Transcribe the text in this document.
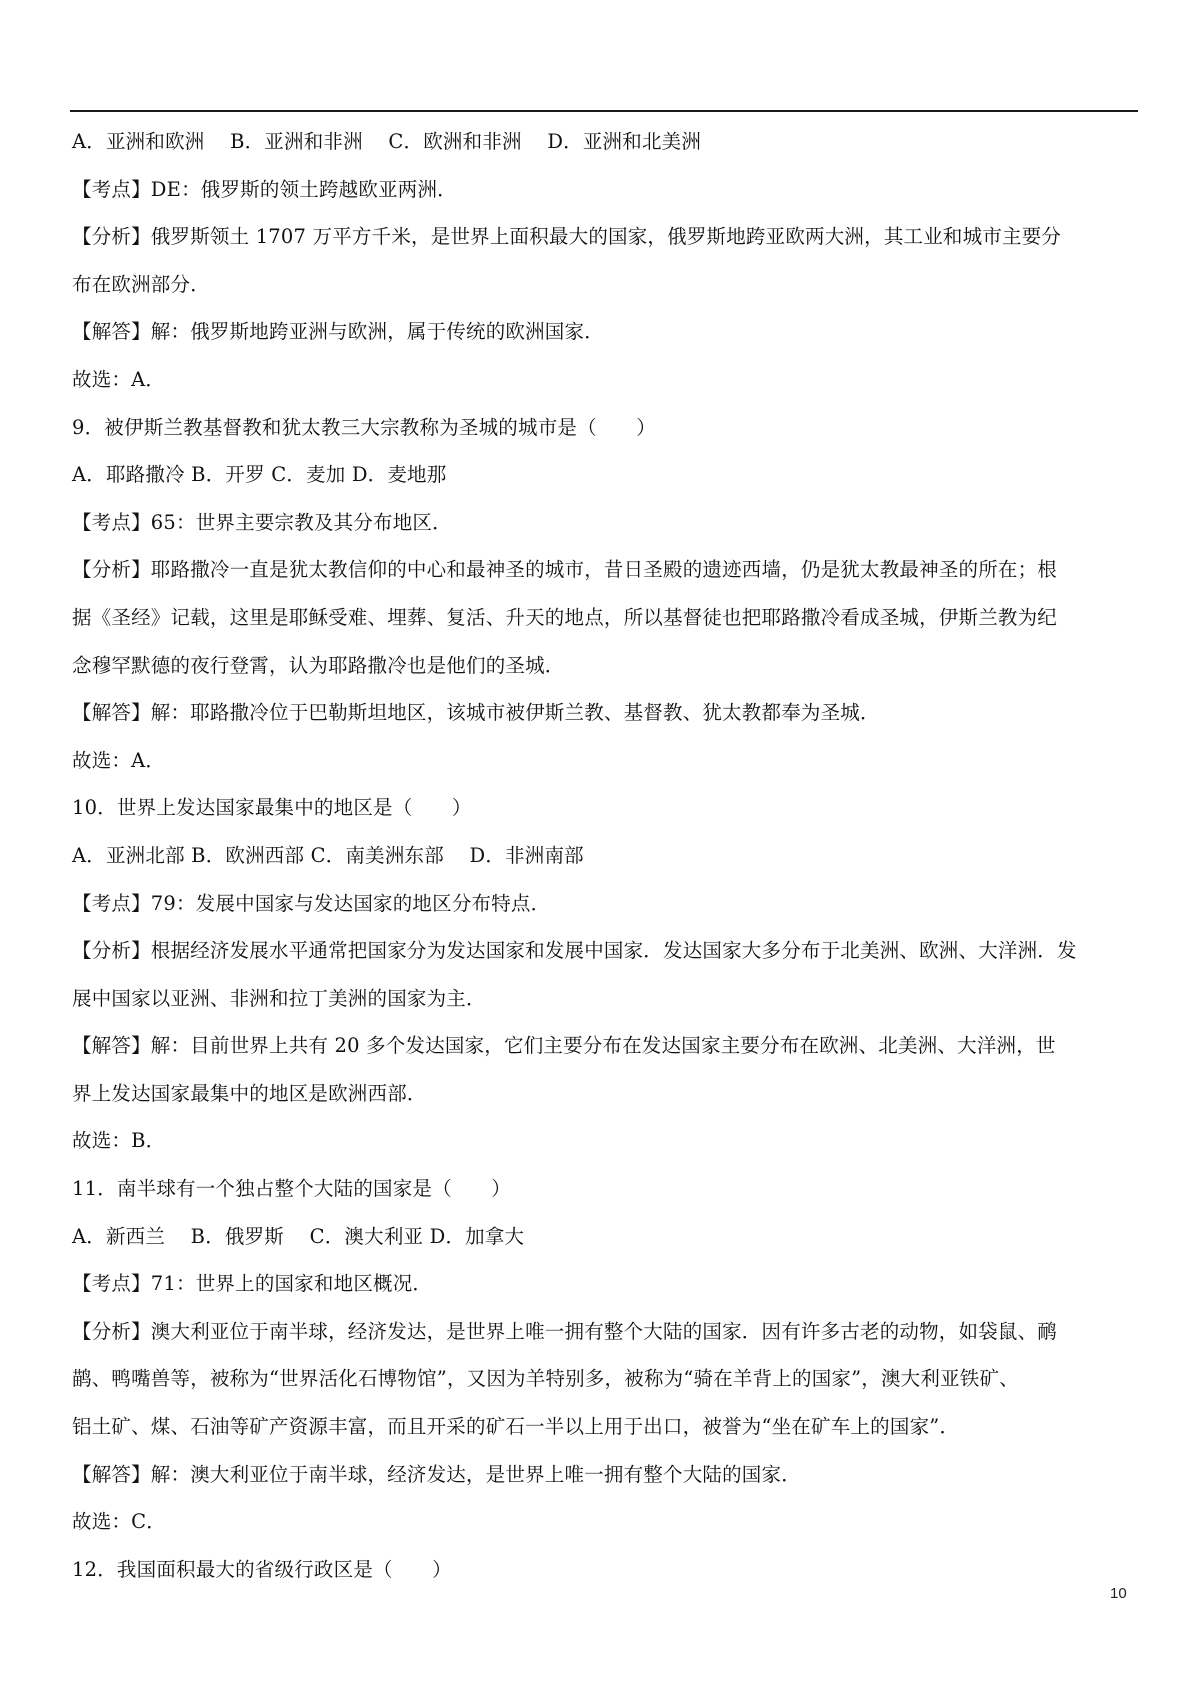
A．亚洲和欧洲    B．亚洲和非洲    C．欧洲和非洲    D．亚洲和北美洲
【考点】DE：俄罗斯的领土跨越欧亚两洲．
【分析】俄罗斯领土 1707 万平方千米，是世界上面积最大的国家，俄罗斯地跨亚欧两大洲，其工业和城市主要分
布在欧洲部分．
【解答】解：俄罗斯地跨亚洲与欧洲，属于传统的欧洲国家．
故选：A．
9．被伊斯兰教基督教和犹太教三大宗教称为圣城的城市是（　　）
A．耶路撒冷 B．开罗 C．麦加 D．麦地那
【考点】65：世界主要宗教及其分布地区．
【分析】耶路撒冷一直是犹太教信仰的中心和最神圣的城市，昔日圣殿的遗迹西墙，仍是犹太教最神圣的所在；根
据《圣经》记载，这里是耶稣受难、埋葬、复活、升天的地点，所以基督徒也把耶路撒冷看成圣城，伊斯兰教为纪
念穆罕默德的夜行登霄，认为耶路撒冷也是他们的圣城．
【解答】解：耶路撒冷位于巴勒斯坦地区，该城市被伊斯兰教、基督教、犹太教都奉为圣城．
故选：A．
10．世界上发达国家最集中的地区是（　　）
A．亚洲北部 B．欧洲西部 C．南美洲东部    D．非洲南部
【考点】79：发展中国家与发达国家的地区分布特点．
【分析】根据经济发展水平通常把国家分为发达国家和发展中国家．发达国家大多分布于北美洲、欧洲、大洋洲．发
展中国家以亚洲、非洲和拉丁美洲的国家为主．
【解答】解：目前世界上共有 20 多个发达国家，它们主要分布在发达国家主要分布在欧洲、北美洲、大洋洲，世
界上发达国家最集中的地区是欧洲西部．
故选：B．
11．南半球有一个独占整个大陆的国家是（　　）
A．新西兰    B．俄罗斯    C．澳大利亚 D．加拿大
【考点】71：世界上的国家和地区概况．
【分析】澳大利亚位于南半球，经济发达，是世界上唯一拥有整个大陆的国家．因有许多古老的动物，如袋鼠、鸸
鹋、鸭嘴兽等，被称为“世界活化石博物馆”，又因为羊特别多，被称为“骑在羊背上的国家”，澳大利亚铁矿、
铝土矿、煤、石油等矿产资源丰富，而且开采的矿石一半以上用于出口，被誉为“坐在矿车上的国家”．
【解答】解：澳大利亚位于南半球，经济发达，是世界上唯一拥有整个大陆的国家．
故选：C．
12．我国面积最大的省级行政区是（　　）
10
